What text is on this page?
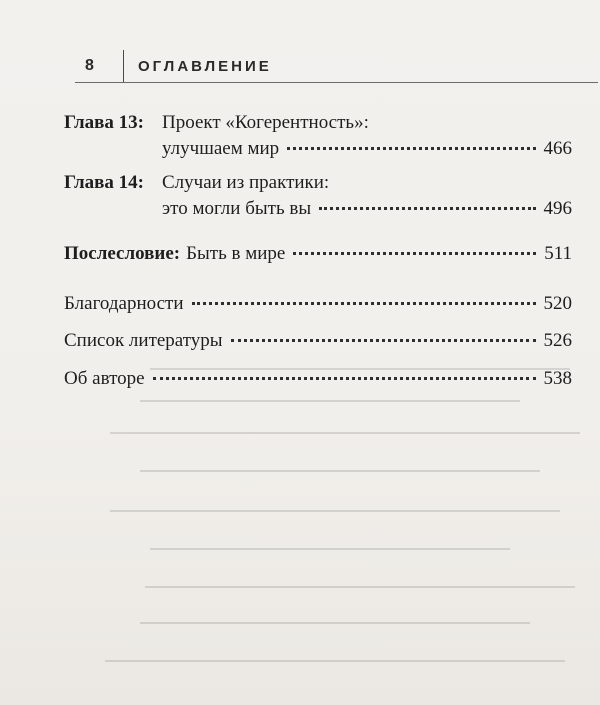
8	ОГЛАВЛЕНИЕ
Глава 13: Проект «Когерентность»:
улучшаем мир	466
Глава 14: Случаи из практики:
это могли быть вы	496
Послесловие: Быть в мире	511
Благодарности	520
Список литературы	526
Об авторе	538
